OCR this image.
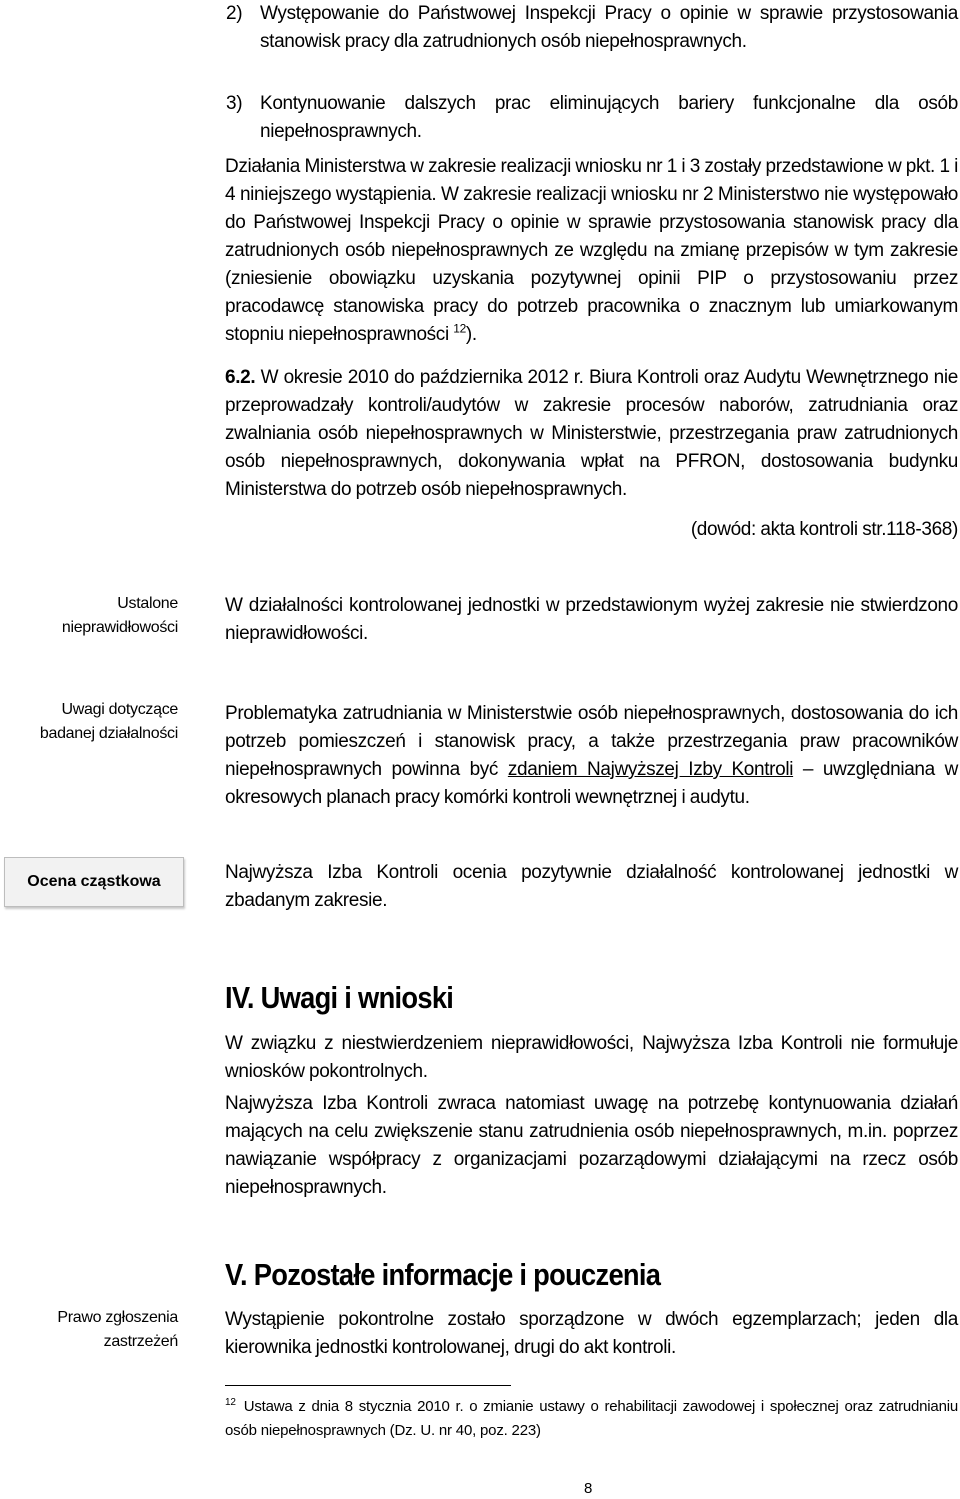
2) Występowanie do Państwowej Inspekcji Pracy o opinie w sprawie przystosowania stanowisk pracy dla zatrudnionych osób niepełnosprawnych.
3) Kontynuowanie dalszych prac eliminujących bariery funkcjonalne dla osób niepełnosprawnych.

Działania Ministerstwa w zakresie realizacji wniosku nr 1 i 3 zostały przedstawione w pkt. 1 i 4 niniejszego wystąpienia. W zakresie realizacji wniosku nr 2 Ministerstwo nie występowało do Państwowej Inspekcji Pracy o opinie w sprawie przystosowania stanowisk pracy dla zatrudnionych osób niepełnosprawnych ze względu na zmianę przepisów w tym zakresie (zniesienie obowiązku uzyskania pozytywnej opinii PIP o przystosowaniu przez pracodawcę stanowiska pracy do potrzeb pracownika o znacznym lub umiarkowanym stopniu niepełnosprawności $^{12}$).

6.2. W okresie 2010 do października 2012 r. Biura Kontroli oraz Audytu Wewnętrznego nie przeprowadzały kontroli/audytów w zakresie procesów naborów, zatrudniania oraz zwalniania osób niepełnosprawnych w Ministerstwie, przestrzegania praw zatrudnionych osób niepełnosprawnych, dokonywania wpłat na PFRON, dostosowania budynku Ministerstwa do potrzeb osób niepełnosprawnych.

(dowód: akta kontroli str.118-368)

Ustalone nieprawidłowości

W działalności kontrolowanej jednostki w przedstawionym wyżej zakresie nie stwierdzono nieprawidłowości.

Uwagi dotyczące badanej działalności

Problematyka zatrudniania w Ministerstwie osób niepełnosprawnych, dostosowania do ich potrzeb pomieszczeń i stanowisk pracy, a także przestrzegania praw pracowników niepełnosprawnych powinna być zdaniem Najwyższej Izby Kontroli – uwzględniana w okresowych planach pracy komórki kontroli wewnętrznej i audytu.

Ocena cząstkowa	Najwyższa Izba Kontroli ocenia pozytywnie działalność kontrolowanej jednostki w zbadanym zakresie.

IV. Uwagi i wnioski

W związku z niestwierdzeniem nieprawidłowości, Najwyższa Izba Kontroli nie formułuje wniosków pokontrolnych.

Najwyższa Izba Kontroli zwraca natomiast uwagę na potrzebę kontynuowania działań mających na celu zwiększenie stanu zatrudnienia osób niepełnosprawnych, m.in. poprzez nawiązanie współpracy z organizacjami pozarządowymi działającymi na rzecz osób niepełnosprawnych.

V. Pozostałe informacje i pouczenia
Prawo zgłoszenia zastrzeżeń

Wystąpienie pokontrolne zostało sporządzone w dwóch egzemplarzach; jeden dla kierownika jednostki kontrolowanej, drugi do akt kontroli.

$^{12}$ Ustawa z dnia 8 stycznia 2010 r. o zmianie ustawy o rehabilitacji zawodowej i społecznej oraz zatrudnianiu osób niepełnosprawnych (Dz. U. nr 40, poz. 223)
8
